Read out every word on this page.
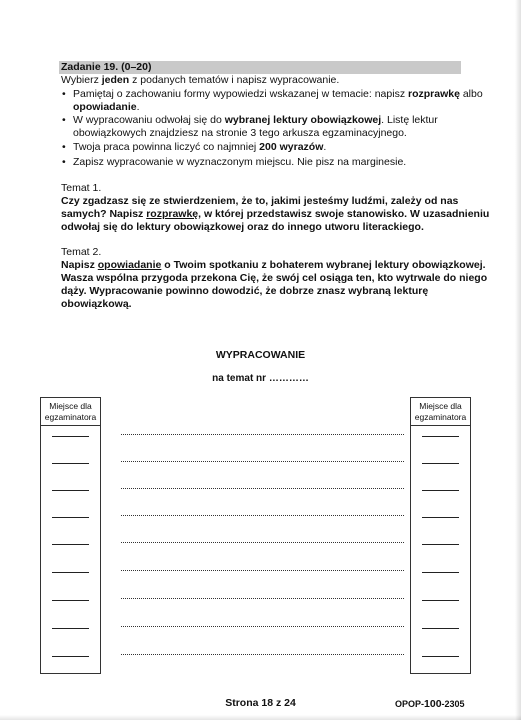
Zadanie 19. (0–20)
Wybierz jeden z podanych tematów i napisz wypracowanie.
• Pamiętaj o zachowaniu formy wypowiedzi wskazanej w temacie: napisz rozprawkę albo
opowiadanie.
• W wypracowaniu odwołaj się do wybranej lektury obowiązkowej. Listę lektur
obowiązkowych znajdziesz na stronie 3 tego arkusza egzaminacyjnego.
• Twoja praca powinna liczyć co najmniej 200 wyrazów.
• Zapisz wypracowanie w wyznaczonym miejscu. Nie pisz na marginesie.
Temat 1.
Czy zgadzasz się ze stwierdzeniem, że to, jakimi jesteśmy ludźmi, zależy od nas
samych? Napisz rozprawkę, w której przedstawisz swoje stanowisko. W uzasadnieniu
odwołaj się do lektury obowiązkowej oraz do innego utworu literackiego.
Temat 2.
Napisz opowiadanie o Twoim spotkaniu z bohaterem wybranej lektury obowiązkowej.
Wasza wspólna przygoda przekona Cię, że swój cel osiąga ten, kto wytrwale do niego
dąży. Wypracowanie powinno dowodzić, że dobrze znasz wybraną lekturę
obowiązkową.
WYPRACOWANIE
na temat nr …………
Miejsce dla
egzaminatora
Miejsce dla
egzaminatora
Strona 18 z 24	OPOP-100-2305
